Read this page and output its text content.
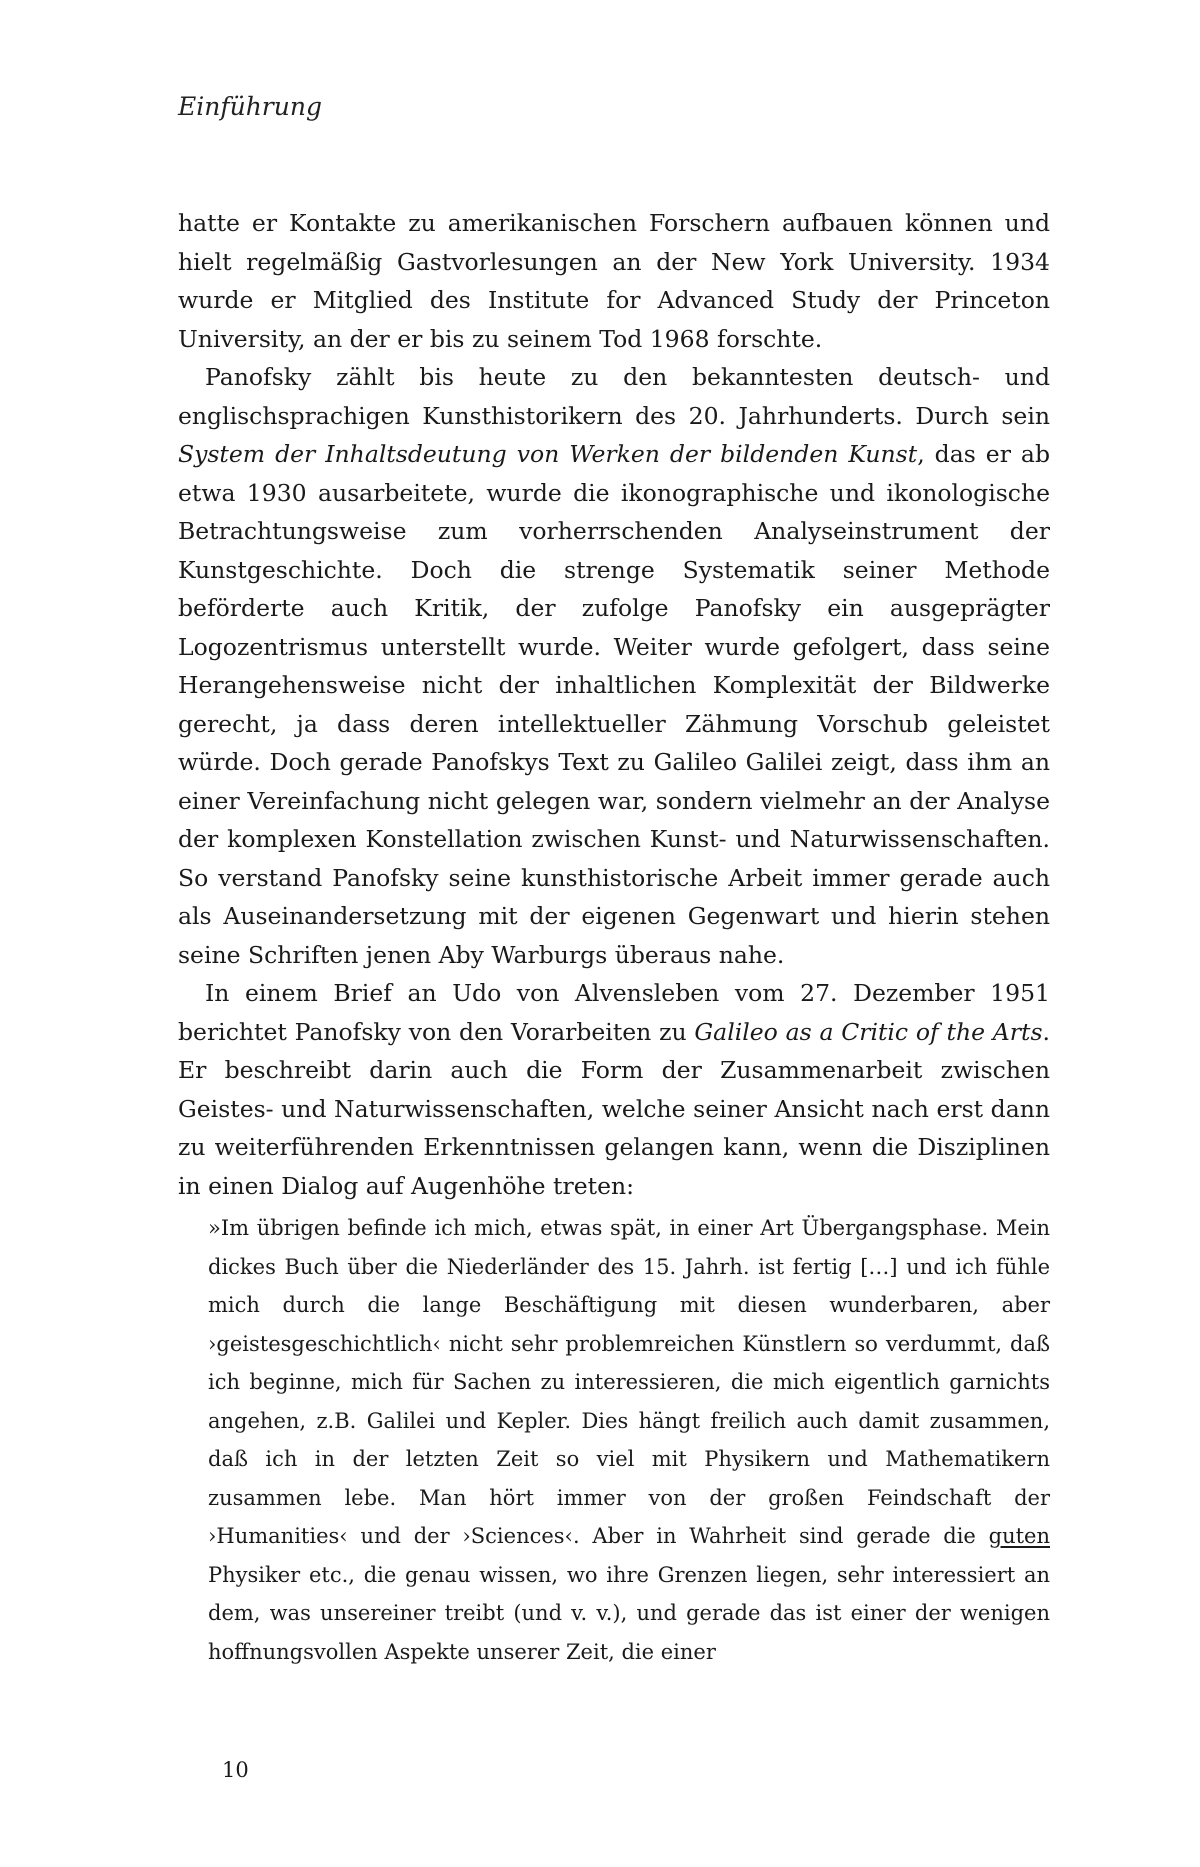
Einführung

hatte er Kontakte zu amerikanischen Forschern aufbauen können und hielt regelmäßig Gastvorlesungen an der New York University. 1934 wurde er Mitglied des Institute for Advanced Study der Princeton University, an der er bis zu seinem Tod 1968 forschte.

Panofsky zählt bis heute zu den bekanntesten deutsch- und englischsprachigen Kunsthistorikern des 20. Jahrhunderts. Durch sein System der Inhaltsdeutung von Werken der bildenden Kunst, das er ab etwa 1930 ausarbeitete, wurde die ikonographische und ikonologische Betrachtungsweise zum vorherrschenden Analyseinstrument der Kunstgeschichte. Doch die strenge Systematik seiner Methode beförderte auch Kritik, der zufolge Panofsky ein ausgeprägter Logozentrismus unterstellt wurde. Weiter wurde gefolgert, dass seine Herangehensweise nicht der inhaltlichen Komplexität der Bildwerke gerecht, ja dass deren intellektueller Zähmung Vorschub geleistet würde. Doch gerade Panofskys Text zu Galileo Galilei zeigt, dass ihm an einer Vereinfachung nicht gelegen war, sondern vielmehr an der Analyse der komplexen Konstellation zwischen Kunst- und Naturwissenschaften. So verstand Panofsky seine kunsthistorische Arbeit immer gerade auch als Auseinandersetzung mit der eigenen Gegenwart und hierin stehen seine Schriften jenen Aby Warburgs überaus nahe.

In einem Brief an Udo von Alvensleben vom 27. Dezember 1951 berichtet Panofsky von den Vorarbeiten zu Galileo as a Critic of the Arts. Er beschreibt darin auch die Form der Zusammenarbeit zwischen Geistes- und Naturwissenschaften, welche seiner Ansicht nach erst dann zu weiterführenden Erkenntnissen gelangen kann, wenn die Disziplinen in einen Dialog auf Augenhöhe treten:

»Im übrigen befinde ich mich, etwas spät, in einer Art Übergangsphase. Mein dickes Buch über die Niederländer des 15. Jahrh. ist fertig […] und ich fühle mich durch die lange Beschäftigung mit diesen wunderbaren, aber ›geistesgeschichtlich‹ nicht sehr problemreichen Künstlern so verdummt, daß ich beginne, mich für Sachen zu interessieren, die mich eigentlich garnichts angehen, z.B. Galilei und Kepler. Dies hängt freilich auch damit zusammen, daß ich in der letzten Zeit so viel mit Physikern und Mathematikern zusammen lebe. Man hört immer von der großen Feindschaft der ›Humanities‹ und der ›Sciences‹. Aber in Wahrheit sind gerade die guten Physiker etc., die genau wissen, wo ihre Grenzen liegen, sehr interessiert an dem, was unsereiner treibt (und v. v.), und gerade das ist einer der wenigen hoffnungsvollen Aspekte unserer Zeit, die einer

10
